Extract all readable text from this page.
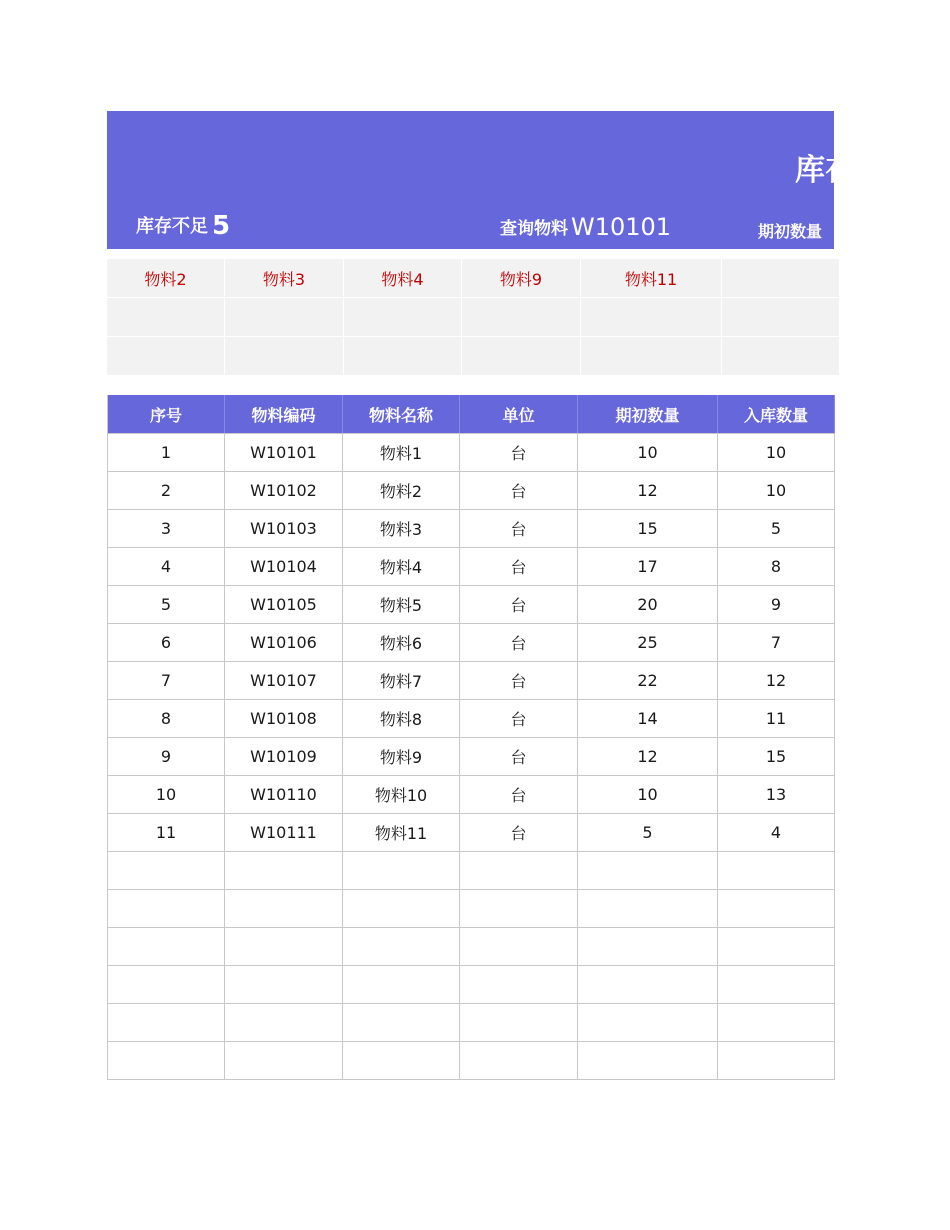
库存
库存不足 5	查询物料 W10101	期初数量
物料2	物料3	物料4	物料9	物料11
序号	物料编码	物料名称	单位	期初数量	入库数量
1	W10101	物料1	台	10	10
2	W10102	物料2	台	12	10
3	W10103	物料3	台	15	5
4	W10104	物料4	台	17	8
5	W10105	物料5	台	20	9
6	W10106	物料6	台	25	7
7	W10107	物料7	台	22	12
8	W10108	物料8	台	14	11
9	W10109	物料9	台	12	15
10	W10110	物料10	台	10	13
11	W10111	物料11	台	5	4
